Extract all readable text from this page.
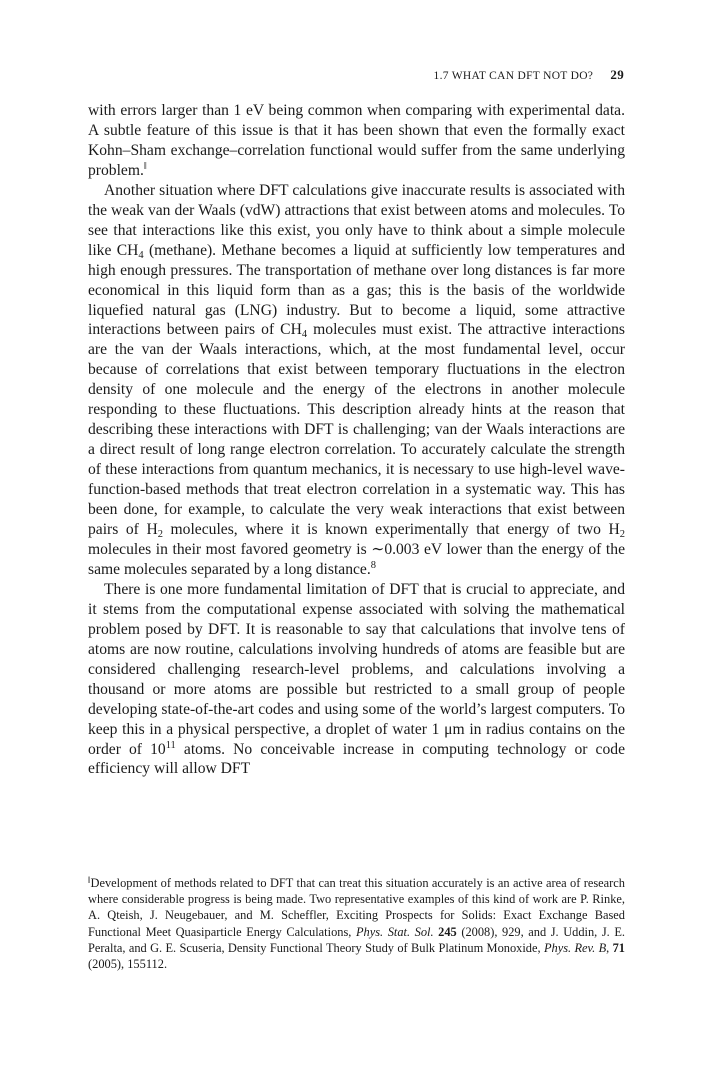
1.7 WHAT CAN DFT NOT DO? 29

with errors larger than 1 eV being common when comparing with experimental data. A subtle feature of this issue is that it has been shown that even the formally exact Kohn–Sham exchange–correlation functional would suffer from the same underlying problem.‖

Another situation where DFT calculations give inaccurate results is associated with the weak van der Waals (vdW) attractions that exist between atoms and molecules. To see that interactions like this exist, you only have to think about a simple molecule like $CH_4$ (methane). Methane becomes a liquid at sufficiently low temperatures and high enough pressures. The transportation of methane over long distances is far more economical in this liquid form than as a gas; this is the basis of the worldwide liquefied natural gas (LNG) industry. But to become a liquid, some attractive interactions between pairs of $CH_4$ molecules must exist. The attractive interactions are the van der Waals interactions, which, at the most fundamental level, occur because of correlations that exist between temporary fluctuations in the electron density of one molecule and the energy of the electrons in another molecule responding to these fluctuations. This description already hints at the reason that describing these interactions with DFT is challenging; van der Waals interactions are a direct result of long range electron correlation. To accurately calculate the strength of these interactions from quantum mechanics, it is necessary to use high-level wave-function-based methods that treat electron correlation in a systematic way. This has been done, for example, to calculate the very weak interactions that exist between pairs of $H_2$ molecules, where it is known experimentally that energy of two $H_2$ molecules in their most favored geometry is ∼0.003 eV lower than the energy of the same molecules separated by a long distance.$^8$

There is one more fundamental limitation of DFT that is crucial to appreciate, and it stems from the computational expense associated with solving the mathematical problem posed by DFT. It is reasonable to say that calculations that involve tens of atoms are now routine, calculations involving hundreds of atoms are feasible but are considered challenging research-level problems, and calculations involving a thousand or more atoms are possible but restricted to a small group of people developing state-of-the-art codes and using some of the world’s largest computers. To keep this in a physical perspective, a droplet of water 1 μm in radius contains on the order of $10^{11}$ atoms. No conceivable increase in computing technology or code efficiency will allow DFT

‖Development of methods related to DFT that can treat this situation accurately is an active area of research where considerable progress is being made. Two representative examples of this kind of work are P. Rinke, A. Qteish, J. Neugebauer, and M. Scheffler, Exciting Prospects for Solids: Exact Exchange Based Functional Meet Quasiparticle Energy Calculations, Phys. Stat. Sol. 245 (2008), 929, and J. Uddin, J. E. Peralta, and G. E. Scuseria, Density Functional Theory Study of Bulk Platinum Monoxide, Phys. Rev. B, 71 (2005), 155112.
